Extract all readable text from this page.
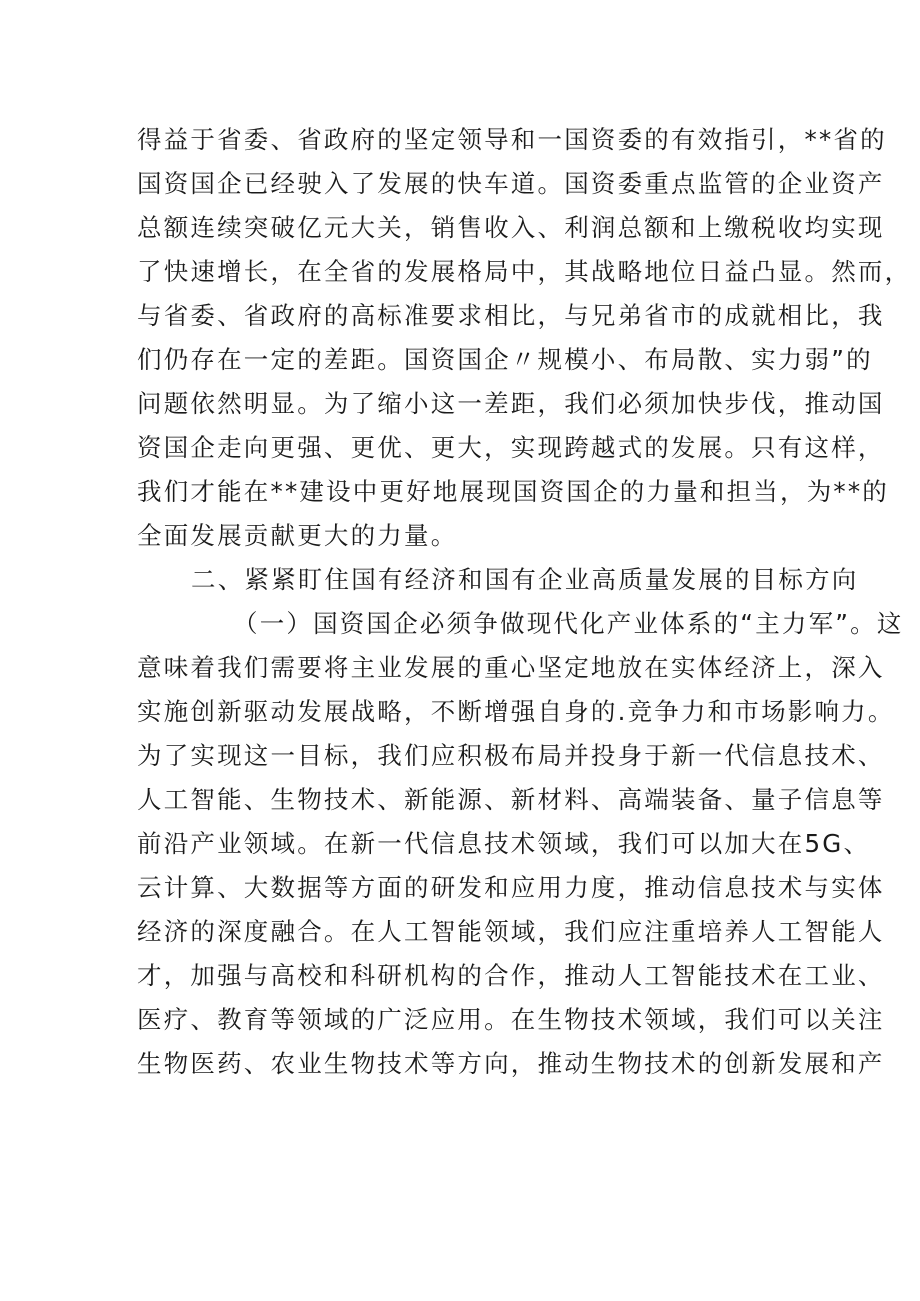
得益于省委、省政府的坚定领导和一国资委的有效指引，**省的
国资国企已经驶入了发展的快车道。国资委重点监管的企业资产
总额连续突破亿元大关，销售收入、利润总额和上缴税收均实现
了快速增长，在全省的发展格局中，其战略地位日益凸显。然而，
与省委、省政府的高标准要求相比，与兄弟省市的成就相比，我
们仍存在一定的差距。国资国企〃规模小、布局散、实力弱”的
问题依然明显。为了缩小这一差距，我们必须加快步伐，推动国
资国企走向更强、更优、更大，实现跨越式的发展。只有这样，
我们才能在**建设中更好地展现国资国企的力量和担当，为**的
全面发展贡献更大的力量。
二、紧紧盯住国有经济和国有企业高质量发展的目标方向
（一）国资国企必须争做现代化产业体系的“主力军”。这
意味着我们需要将主业发展的重心坚定地放在实体经济上，深入
实施创新驱动发展战略，不断增强自身的.竞争力和市场影响力。
为了实现这一目标，我们应积极布局并投身于新一代信息技术、
人工智能、生物技术、新能源、新材料、高端装备、量子信息等
前沿产业领域。在新一代信息技术领域，我们可以加大在5G、
云计算、大数据等方面的研发和应用力度，推动信息技术与实体
经济的深度融合。在人工智能领域，我们应注重培养人工智能人
才，加强与高校和科研机构的合作，推动人工智能技术在工业、
医疗、教育等领域的广泛应用。在生物技术领域，我们可以关注
生物医药、农业生物技术等方向，推动生物技术的创新发展和产
